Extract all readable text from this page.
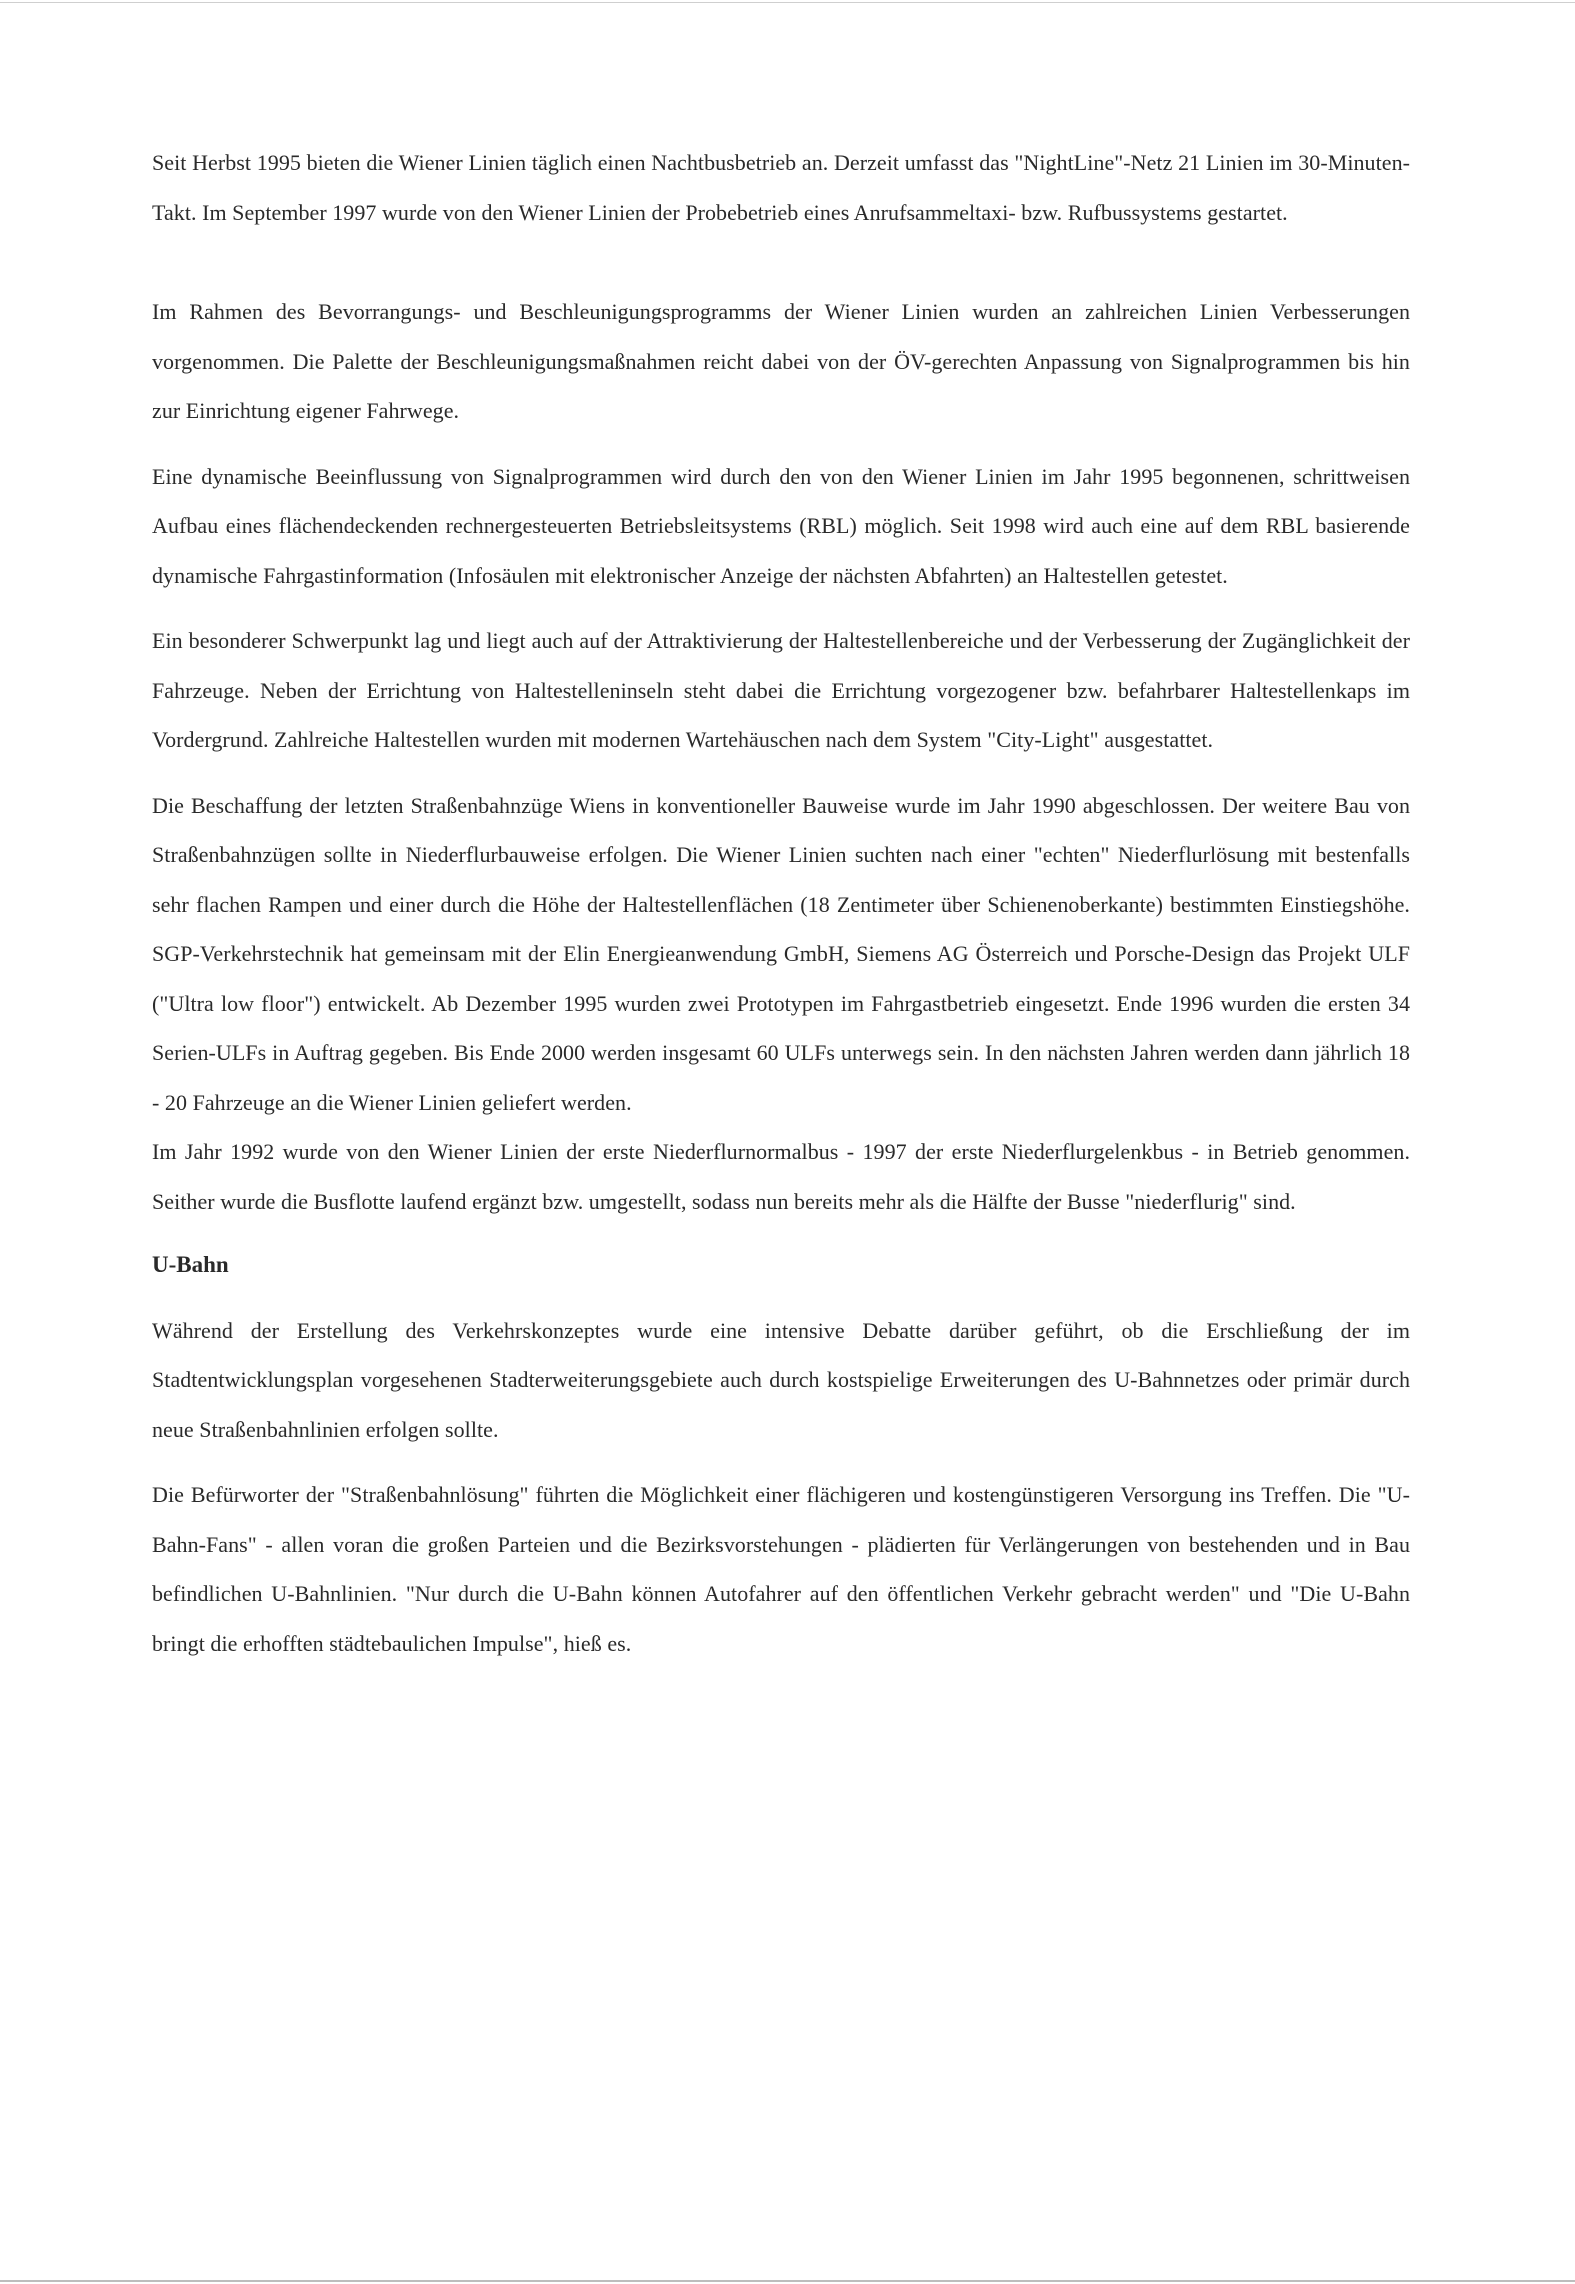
Seit Herbst 1995 bieten die Wiener Linien täglich einen Nachtbusbetrieb an. Derzeit umfasst das "NightLine"-Netz 21 Linien im 30-Minuten-Takt. Im September 1997 wurde von den Wiener Linien der Probebetrieb eines Anrufsammeltaxi- bzw. Rufbussystems gestartet.

Im Rahmen des Bevorrangungs- und Beschleunigungsprogramms der Wiener Linien wurden an zahlreichen Linien Verbesserungen vorgenommen. Die Palette der Beschleunigungsmaßnahmen reicht dabei von der ÖV-gerechten Anpassung von Signalprogrammen bis hin zur Einrichtung eigener Fahrwege.

Eine dynamische Beeinflussung von Signalprogrammen wird durch den von den Wiener Linien im Jahr 1995 begonnenen, schrittweisen Aufbau eines flächendeckenden rechnergesteuerten Betriebsleitsystems (RBL) möglich. Seit 1998 wird auch eine auf dem RBL basierende dynamische Fahrgastinformation (Infosäulen mit elektronischer Anzeige der nächsten Abfahrten) an Haltestellen getestet.

Ein besonderer Schwerpunkt lag und liegt auch auf der Attraktivierung der Haltestellenbereiche und der Verbesserung der Zugänglichkeit der Fahrzeuge. Neben der Errichtung von Haltestelleninseln steht dabei die Errichtung vorgezogener bzw. befahrbarer Haltestellenkaps im Vordergrund. Zahlreiche Haltestellen wurden mit modernen Wartehäuschen nach dem System "City-Light" ausgestattet.

Die Beschaffung der letzten Straßenbahnzüge Wiens in konventioneller Bauweise wurde im Jahr 1990 abgeschlossen. Der weitere Bau von Straßenbahnzügen sollte in Niederflurbauweise erfolgen. Die Wiener Linien suchten nach einer "echten" Niederflurlösung mit bestenfalls sehr flachen Rampen und einer durch die Höhe der Haltestellenflächen (18 Zentimeter über Schienenoberkante) bestimmten Einstiegshöhe. SGP-Verkehrstechnik hat gemeinsam mit der Elin Energieanwendung GmbH, Siemens AG Österreich und Porsche-Design das Projekt ULF ("Ultra low floor") entwickelt. Ab Dezember 1995 wurden zwei Prototypen im Fahrgastbetrieb eingesetzt. Ende 1996 wurden die ersten 34 Serien-ULFs in Auftrag gegeben. Bis Ende 2000 werden insgesamt 60 ULFs unterwegs sein. In den nächsten Jahren werden dann jährlich 18 - 20 Fahrzeuge an die Wiener Linien geliefert werden.

Im Jahr 1992 wurde von den Wiener Linien der erste Niederflurnormalbus - 1997 der erste Niederflurgelenkbus - in Betrieb genommen. Seither wurde die Busflotte laufend ergänzt bzw. umgestellt, sodass nun bereits mehr als die Hälfte der Busse "niederflurig" sind.

U-Bahn

Während der Erstellung des Verkehrskonzeptes wurde eine intensive Debatte darüber geführt, ob die Erschließung der im Stadtentwicklungsplan vorgesehenen Stadterweiterungsgebiete auch durch kostspielige Erweiterungen des U-Bahnnetzes oder primär durch neue Straßenbahnlinien erfolgen sollte.

Die Befürworter der "Straßenbahnlösung" führten die Möglichkeit einer flächigeren und kostengünstigeren Versorgung ins Treffen. Die "U-Bahn-Fans" - allen voran die großen Parteien und die Bezirksvorstehungen - plädierten für Verlängerungen von bestehenden und in Bau befindlichen U-Bahnlinien. "Nur durch die U-Bahn können Autofahrer auf den öffentlichen Verkehr gebracht werden" und "Die U-Bahn bringt die erhofften städtebaulichen Impulse", hieß es.
